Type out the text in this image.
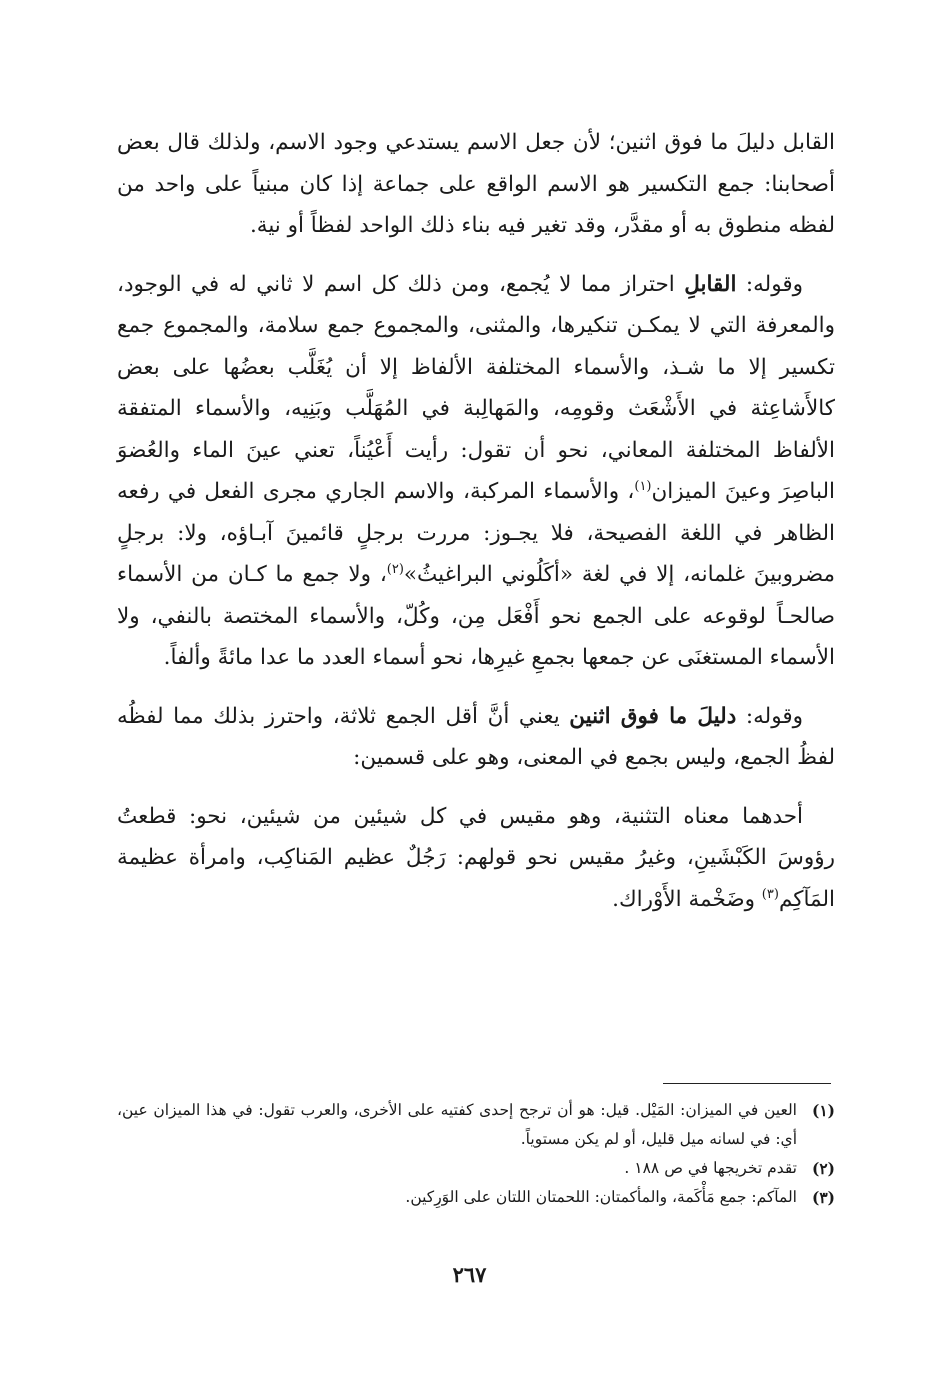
القابل دليلَ ما فوق اثنين؛ لأن جعل الاسم يستدعي وجود الاسم، ولذلك قال بعض أصحابنا: جمع التكسير هو الاسم الواقع على جماعة إذا كان مبنياً على واحد من لفظه منطوق به أو مقدَّر، وقد تغير فيه بناء ذلك الواحد لفظاً أو نية.

وقوله: القابلِ احتراز مما لا يُجمع، ومن ذلك كل اسم لا ثاني له في الوجود، والمعرفة التي لا يمكـن تنكيرها، والمثنى، والمجموع جمع سلامة، والمجموع جمع تكسير إلا ما شـذ، والأسماء المختلفة الألفاظ إلا أن يُغَلَّب بعضُها على بعض كالأَشاعِثة في الأَشْعَث وقومِه، والمَهالِبة في المُهَلَّب وبَنِيه، والأسماء المتفقة الألفاظ المختلفة المعاني، نحو أن تقول: رأيت أَعْيُناً، تعني عينَ الماء والعُضوَ الباصِرَ وعينَ الميزان$^{(١)}$، والأسماء المركبة، والاسم الجاري مجرى الفعل في رفعه الظاهر في اللغة الفصيحة، فلا يجـوز: مررت برجلٍ قائمينَ آبـاؤه، ولا: برجلٍ مضروبينَ غلمانه، إلا في لغة «أكَلُوني البراغيثُ»$^{(٢)}$، ولا جمع ما كـان من الأسماء صالحـاً لوقوعه على الجمع نحو أَفْعَل مِن، وكُلّ، والأسماء المختصة بالنفي، ولا الأسماء المستغنَى عن جمعها بجمعِ غيرِها، نحو أسماء العدد ما عدا مائةً وألفاً.

وقوله: دليلَ ما فوق اثنين يعني أنَّ أقل الجمع ثلاثة، واحترز بذلك مما لفظُه لفظُ الجمع، وليس بجمع في المعنى، وهو على قسمين:

أحدهما معناه التثنية، وهو مقيس في كل شيئين من شيئين، نحو: قطعتُ رؤوسَ الكَبْشَينِ، وغيرُ مقيس نحو قولهم: رَجُلٌ عظيم المَناكِب، وامرأة عظيمة المَآكِم$^{(٣)}$ وضَخْمة الأَوْراك.

(١)
العين في الميزان: المَيْل. قيل: هو أن ترجح إحدى كفتيه على الأخرى، والعرب تقول: في هذا الميزان عين، أي: في لسانه ميل قليل، أو لم يكن مستوياً.
(٢)
تقدم تخريجها في ص ١٨٨ .
(٣)
المآكم: جمع مَأْكَمة، والمأكمتان: اللحمتان اللتان على الوَرِكين.
٢٦٧
